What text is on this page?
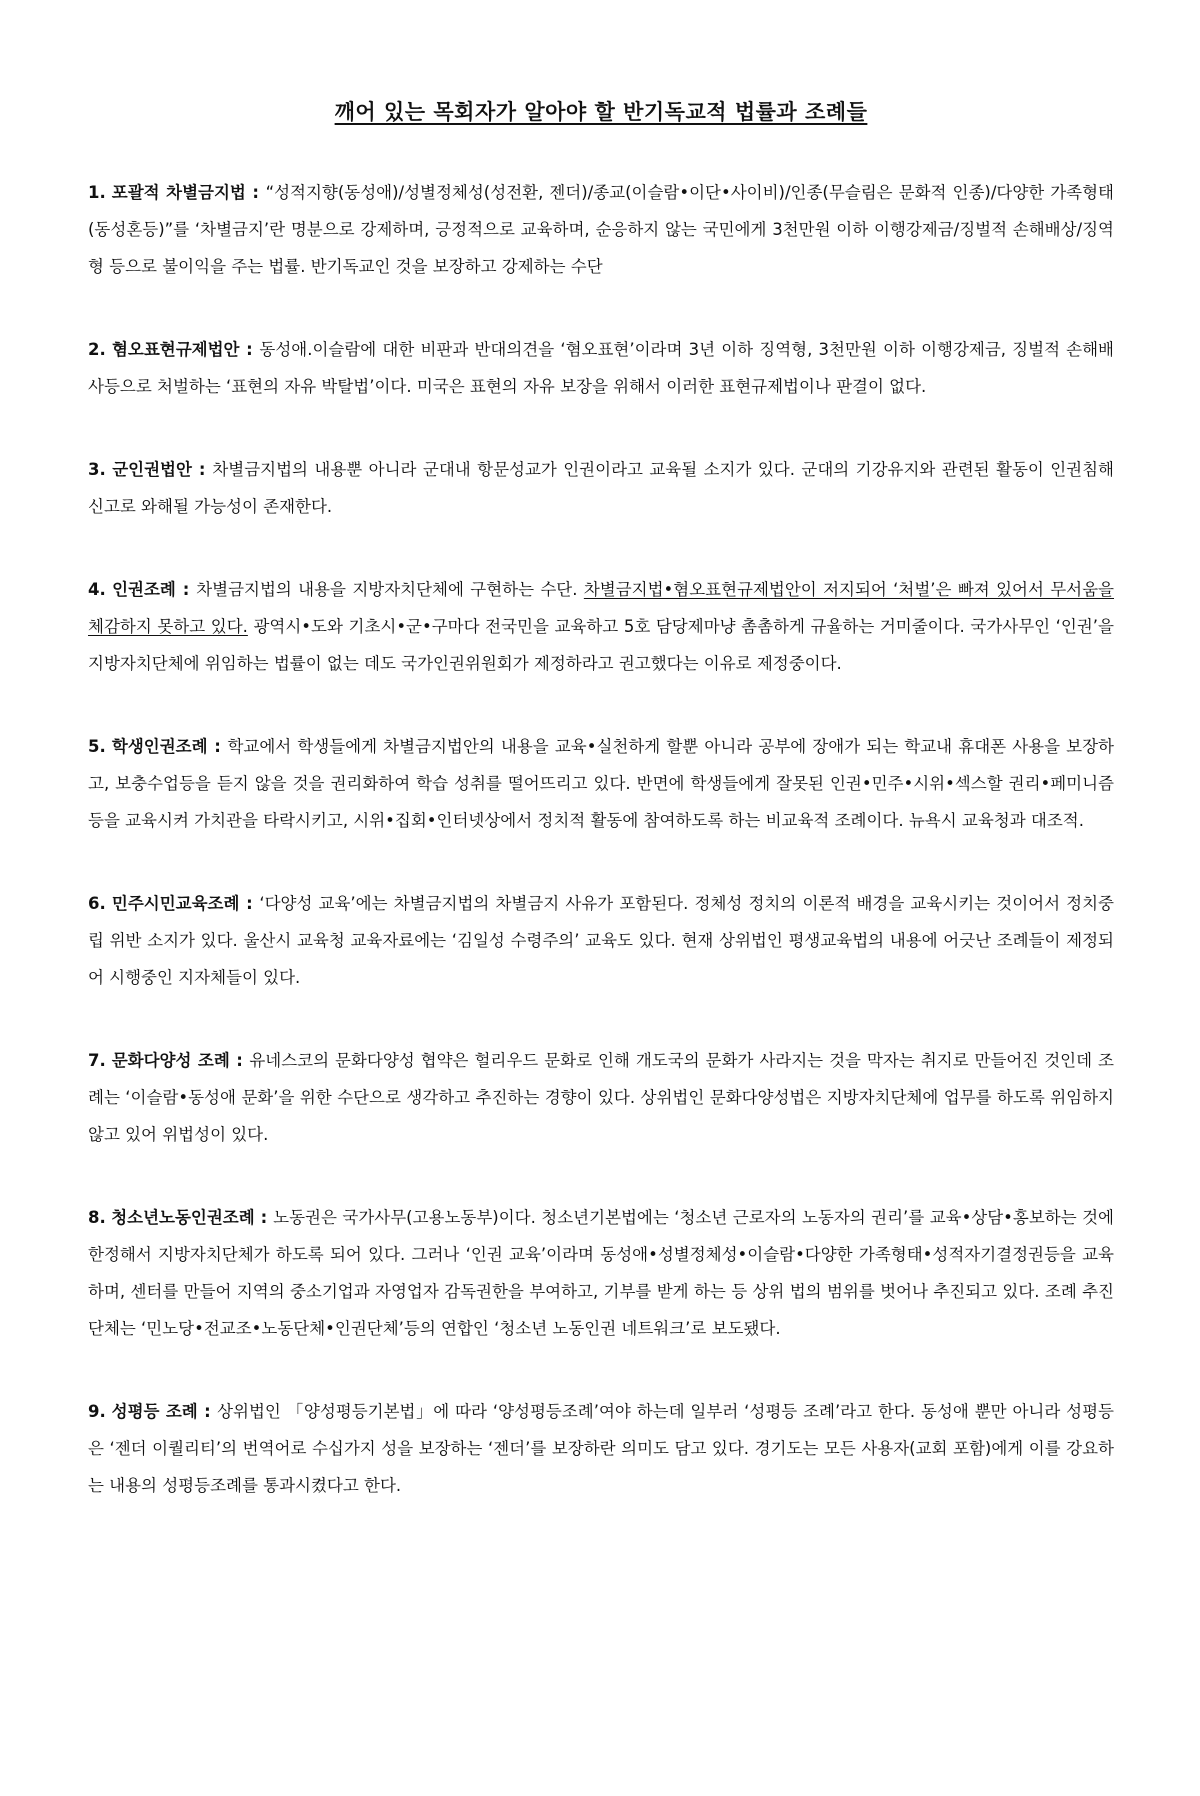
깨어 있는 목회자가 알아야 할 반기독교적 법률과 조례들

1. 포괄적 차별금지법 : “성적지향(동성애)/성별정체성(성전환, 젠더)/종교(이슬람•이단•사이비)/인종(무슬림은 문화적 인종)/다양한 가족형태(동성혼등)”를 ‘차별금지’란 명분으로 강제하며, 긍정적으로 교육하며, 순응하지 않는 국민에게 3천만원 이하 이행강제금/징벌적 손해배상/징역형 등으로 불이익을 주는 법률. 반기독교인 것을 보장하고 강제하는 수단

2. 혐오표현규제법안 : 동성애.이슬람에 대한 비판과 반대의견을 ‘혐오표현’이라며 3년 이하 징역형, 3천만원 이하 이행강제금, 징벌적 손해배사등으로 처벌하는 ‘표현의 자유 박탈법’이다. 미국은 표현의 자유 보장을 위해서 이러한 표현규제법이나 판결이 없다.

3. 군인권법안 : 차별금지법의 내용뿐 아니라 군대내 항문성교가 인권이라고 교육될 소지가 있다. 군대의 기강유지와 관련된 활동이 인권침해 신고로 와해될 가능성이 존재한다.

4. 인권조례 : 차별금지법의 내용을 지방자치단체에 구현하는 수단. 차별금지법•혐오표현규제법안이 저지되어 ‘처벌’은 빠져 있어서 무서움을 체감하지 못하고 있다. 광역시•도와 기초시•군•구마다 전국민을 교육하고 5호 담당제마냥 촘촘하게 규율하는 거미줄이다. 국가사무인 ‘인권’을 지방자치단체에 위임하는 법률이 없는 데도 국가인권위원회가 제정하라고 권고했다는 이유로 제정중이다.

5. 학생인권조례 : 학교에서 학생들에게 차별금지법안의 내용을 교육•실천하게 할뿐 아니라 공부에 장애가 되는 학교내 휴대폰 사용을 보장하고, 보충수업등을 듣지 않을 것을 권리화하여 학습 성취를 떨어뜨리고 있다. 반면에 학생들에게 잘못된 인권•민주•시위•섹스할 권리•페미니즘 등을 교육시켜 가치관을 타락시키고, 시위•집회•인터넷상에서 정치적 활동에 참여하도록 하는 비교육적 조례이다. 뉴욕시 교육청과 대조적.

6. 민주시민교육조례 : ‘다양성 교육’에는 차별금지법의 차별금지 사유가 포함된다. 정체성 정치의 이론적 배경을 교육시키는 것이어서 정치중립 위반 소지가 있다. 울산시 교육청 교육자료에는 ‘김일성 수령주의’ 교육도 있다. 현재 상위법인 평생교육법의 내용에 어긋난 조례들이 제정되어 시행중인 지자체들이 있다.

7. 문화다양성 조례 : 유네스코의 문화다양성 협약은 헐리우드 문화로 인해 개도국의 문화가 사라지는 것을 막자는 취지로 만들어진 것인데 조례는 ‘이슬람•동성애 문화’을 위한 수단으로 생각하고 추진하는 경향이 있다. 상위법인 문화다양성법은 지방자치단체에 업무를 하도록 위임하지 않고 있어 위법성이 있다.

8. 청소년노동인권조례 : 노동권은 국가사무(고용노동부)이다. 청소년기본법에는 ‘청소년 근로자의 노동자의 권리’를 교육•상담•홍보하는 것에 한정해서 지방자치단체가 하도록 되어 있다. 그러나 ‘인권 교육’이라며 동성애•성별정체성•이슬람•다양한 가족형태•성적자기결정권등을 교육하며, 센터를 만들어 지역의 중소기업과 자영업자 감독권한을 부여하고, 기부를 받게 하는 등 상위 법의 범위를 벗어나 추진되고 있다. 조례 추진 단체는 ‘민노당•전교조•노동단체•인권단체’등의 연합인 ‘청소년 노동인권 네트워크’로 보도됐다.

9. 성평등 조례 : 상위법인 「양성평등기본법」에 따라 ‘양성평등조례’여야 하는데 일부러 ‘성평등 조례’라고 한다. 동성애 뿐만 아니라 성평등은 ‘젠더 이퀄리티’의 번역어로 수십가지 성을 보장하는 ‘젠더’를 보장하란 의미도 담고 있다. 경기도는 모든 사용자(교회 포함)에게 이를 강요하는 내용의 성평등조례를 통과시켰다고 한다.
